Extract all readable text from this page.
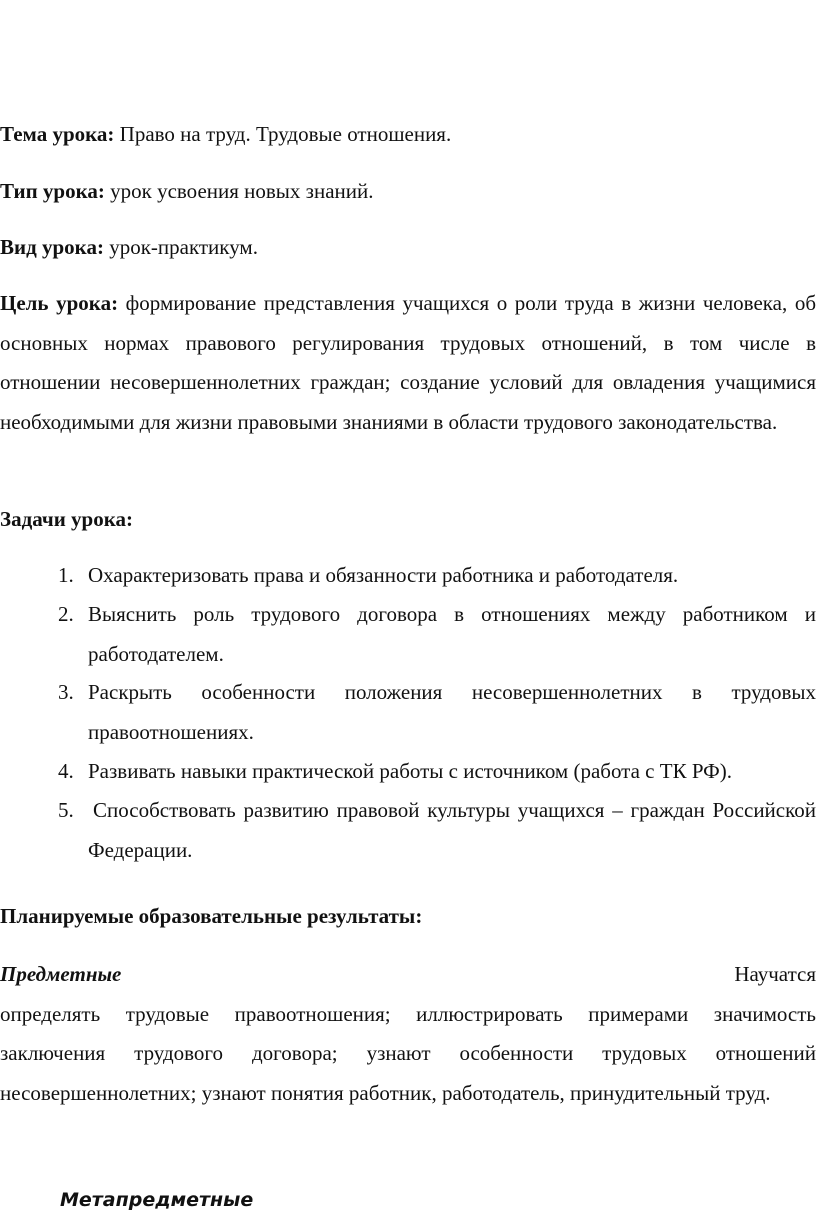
Тема урока: Право на труд. Трудовые отношения.
Тип урока: урок усвоения новых знаний.
Вид урока: урок-практикум.
Цель урока: формирование представления учащихся о роли труда в жизни человека, об основных нормах правового регулирования трудовых отношений, в том числе в отношении несовершеннолетних граждан; создание условий для овладения учащимися необходимыми для жизни правовыми знаниями в области трудового законодательства.
Задачи урока:
1. Охарактеризовать права и обязанности работника и работодателя.
2. Выяснить роль трудового договора в отношениях между работником и работодателем.
3. Раскрыть особенности положения несовершеннолетних в трудовых правоотношениях.
4. Развивать навыки практической работы с источником (работа с ТК РФ).
5. Способствовать развитию правовой культуры учащихся – граждан Российской Федерации.
Планируемые образовательные результаты:
Предметные	Научатся
определять трудовые правоотношения; иллюстрировать примерами значимость заключения трудового договора; узнают особенности трудовых отношений несовершеннолетних; узнают понятия работник, работодатель, принудительный труд.
Метапредметные
